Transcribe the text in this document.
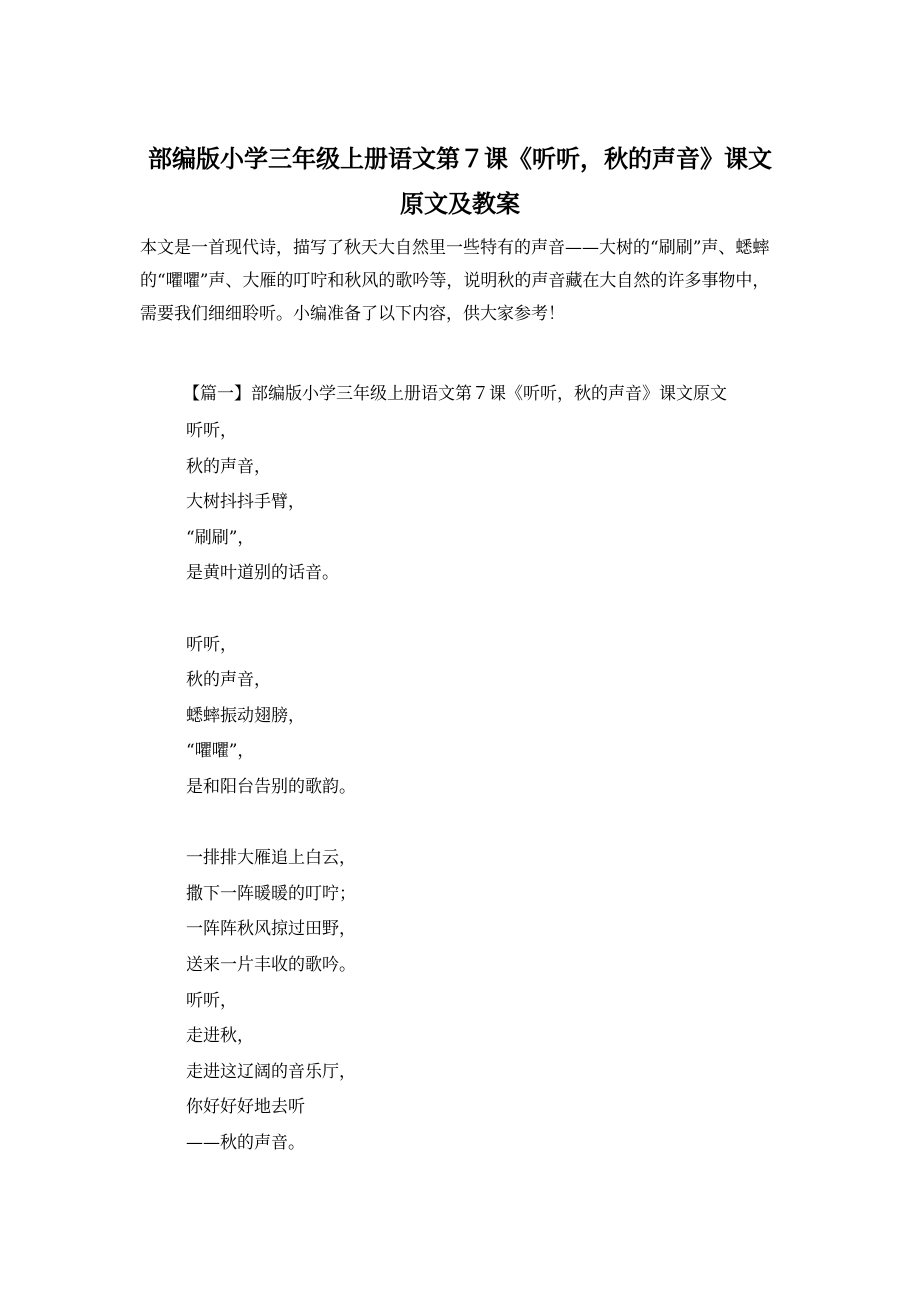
部编版小学三年级上册语文第７课《听听，秋的声音》课文原文及教案

本文是一首现代诗，描写了秋天大自然里一些特有的声音——大树的“刷刷”声、蟋蟀的“㘗㘗”声、大雁的叮咛和秋风的歌吟等，说明秋的声音藏在大自然的许多事物中，需要我们细细聆听。小编准备了以下内容，供大家参考！

【篇一】部编版小学三年级上册语文第７课《听听，秋的声音》课文原文

听听，
秋的声音，
大树抖抖手臂，
“刷刷”，
是黄叶道别的话音。
听听，
秋的声音，
蟋蟀振动翅膀，
“㘗㘗”，
是和阳台告别的歌韵。
一排排大雁追上白云，
撒下一阵暖暖的叮咛；
一阵阵秋风掠过田野，
送来一片丰收的歌吟。
听听，
走进秋，
走进这辽阔的音乐厅，
你好好好地去听
——秋的声音。
